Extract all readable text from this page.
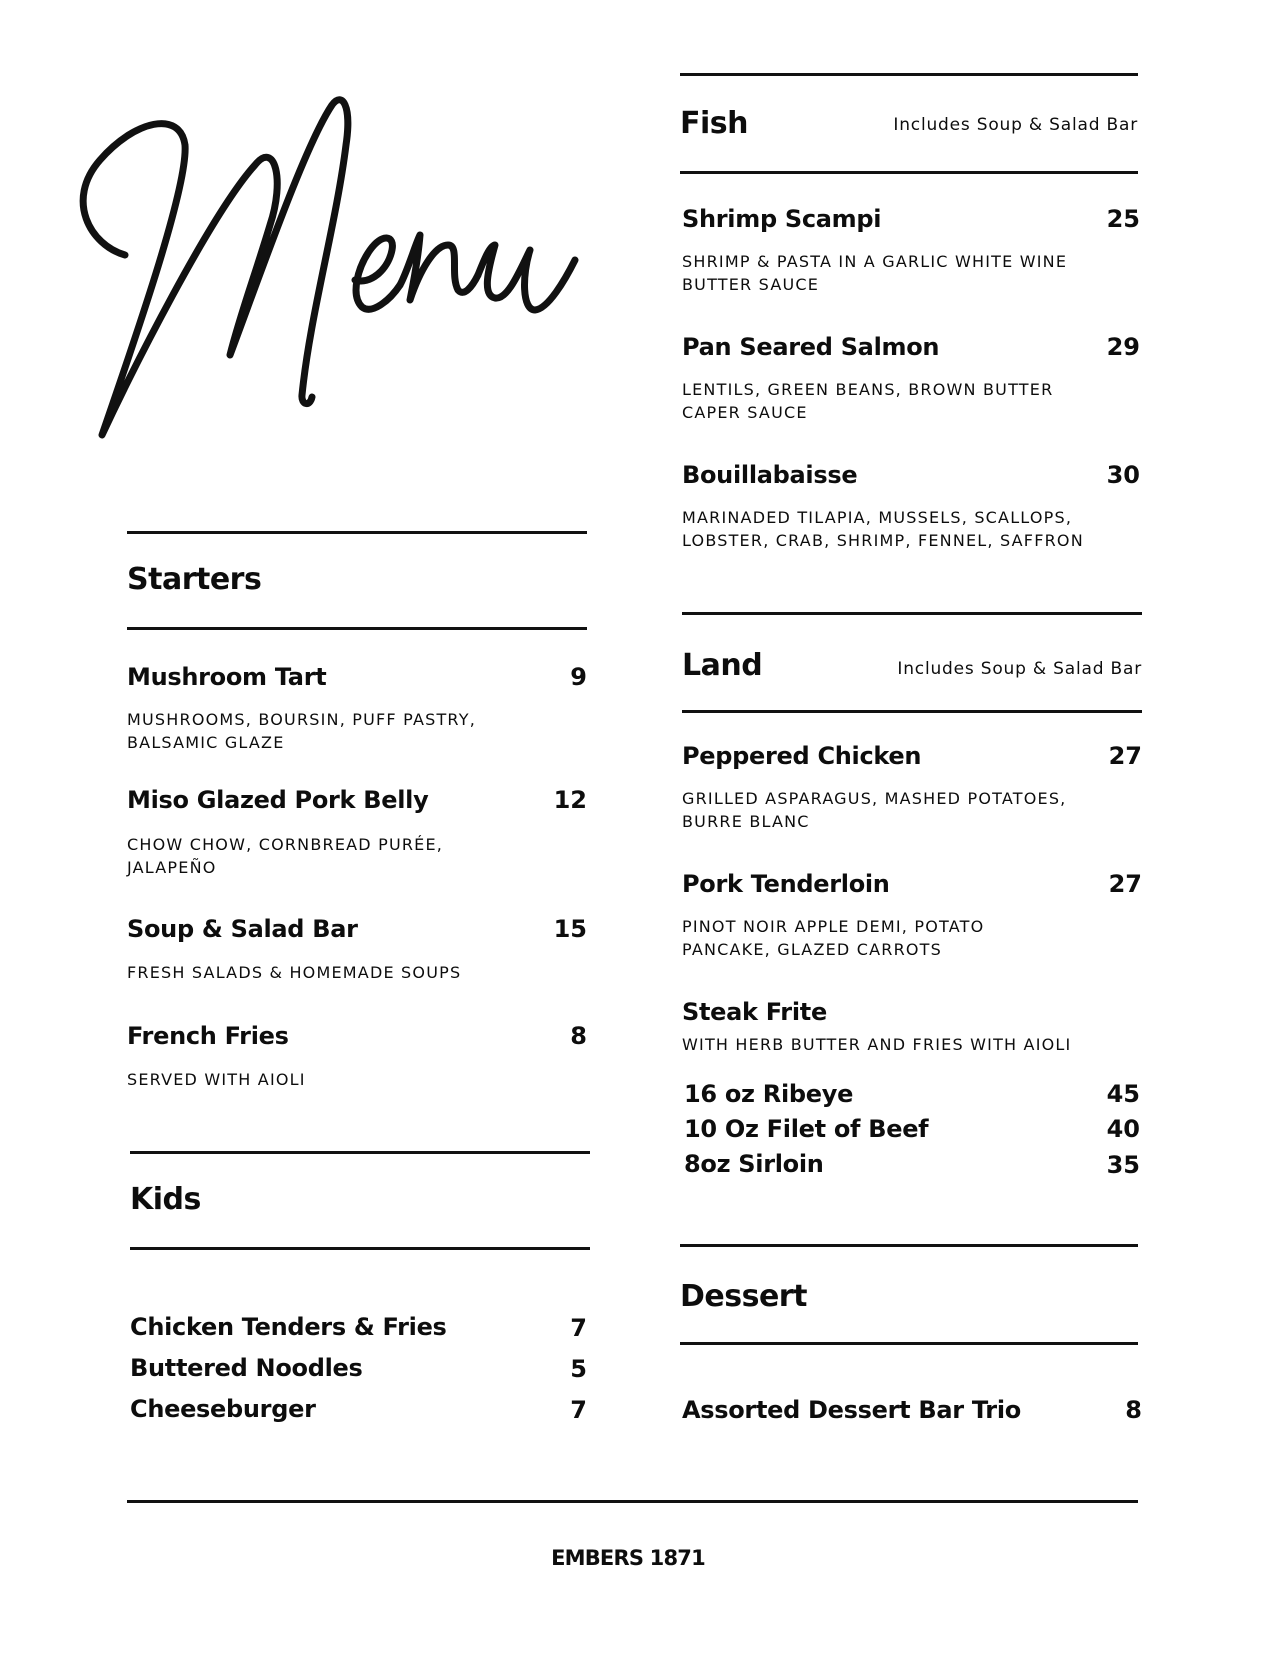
Starters
Mushroom Tart	9
MUSHROOMS, BOURSIN, PUFF PASTRY, BALSAMIC GLAZE
Miso Glazed Pork Belly	12
CHOW CHOW, CORNBREAD PURÉE, JALAPEÑO
Soup & Salad Bar	15
FRESH SALADS & HOMEMADE SOUPS
French Fries	8
SERVED WITH AIOLI
Kids
Chicken Tenders & Fries	7
Buttered Noodles	5
Cheeseburger	7
Fish	Includes Soup & Salad Bar
Shrimp Scampi	25
SHRIMP & PASTA IN A GARLIC WHITE WINE BUTTER SAUCE
Pan Seared Salmon	29
LENTILS, GREEN BEANS, BROWN BUTTER CAPER SAUCE
Bouillabaisse	30
MARINADED TILAPIA, MUSSELS, SCALLOPS, LOBSTER, CRAB, SHRIMP, FENNEL, SAFFRON
Land	Includes Soup & Salad Bar
Peppered Chicken	27
GRILLED ASPARAGUS, MASHED POTATOES, BURRE BLANC
Pork Tenderloin	27
PINOT NOIR APPLE DEMI, POTATO PANCAKE, GLAZED CARROTS
Steak Frite
WITH HERB BUTTER AND FRIES WITH AIOLI
16 oz Ribeye	45
10 Oz Filet of Beef	40
8oz Sirloin	35
Dessert
Assorted Dessert Bar Trio	8
EMBERS 1871
